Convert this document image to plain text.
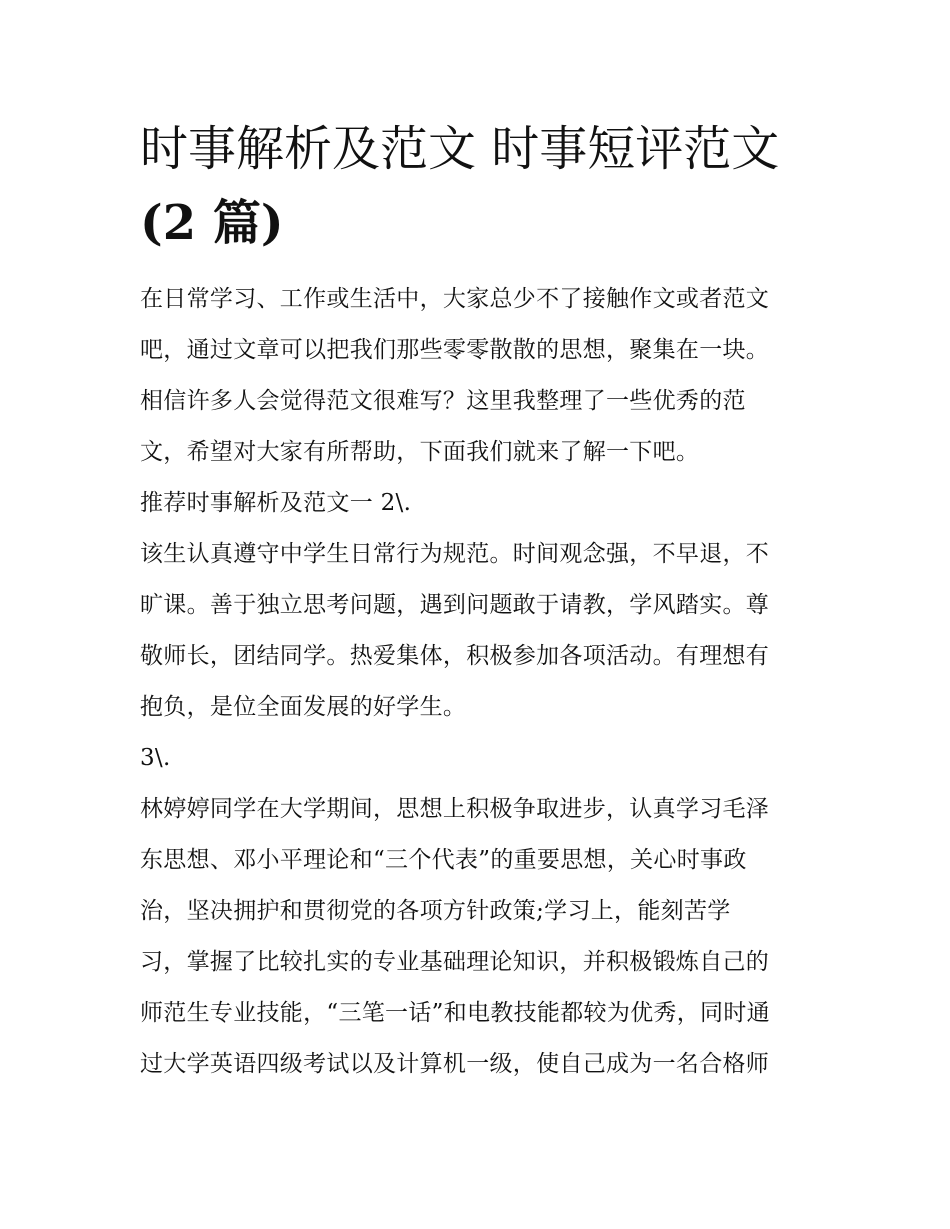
时事解析及范文 时事短评范文
(2 篇)
在日常学习、工作或生活中，大家总少不了接触作文或者范文
吧，通过文章可以把我们那些零零散散的思想，聚集在一块。
相信许多人会觉得范文很难写？这里我整理了一些优秀的范
文，希望对大家有所帮助，下面我们就来了解一下吧。
推荐时事解析及范文一 2\.
该生认真遵守中学生日常行为规范。时间观念强，不早退，不
旷课。善于独立思考问题，遇到问题敢于请教，学风踏实。尊
敬师长，团结同学。热爱集体，积极参加各项活动。有理想有
抱负，是位全面发展的好学生。
3\.
林婷婷同学在大学期间，思想上积极争取进步，认真学习毛泽
东思想、邓小平理论和“三个代表”的重要思想，关心时事政
治，坚决拥护和贯彻党的各项方针政策;学习上，能刻苦学
习，掌握了比较扎实的专业基础理论知识，并积极锻炼自己的
师范生专业技能，“三笔一话”和电教技能都较为优秀，同时通
过大学英语四级考试以及计算机一级，使自己成为一名合格师
